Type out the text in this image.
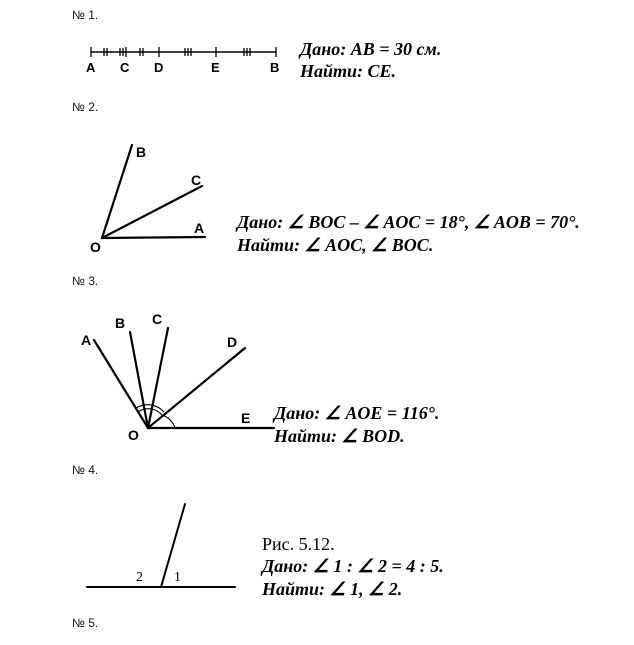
№ 1.
A C D	E	B
Дано: AB = 30 см.
Найти: CE.
№ 2.
O
A
B
C
Дано: ∠ BOC – ∠ AOC = 18°, ∠ AOB = 70°.
Найти: ∠ AOC, ∠ BOC.
№ 3.
O
A
B C
D
E Дано: ∠ AOE = 116°.
Найти: ∠ BOD.
№ 4.
2 1
Рис. 5.12.
Дано: ∠ 1 : ∠ 2 = 4 : 5.
Найти: ∠ 1, ∠ 2.
№ 5.
